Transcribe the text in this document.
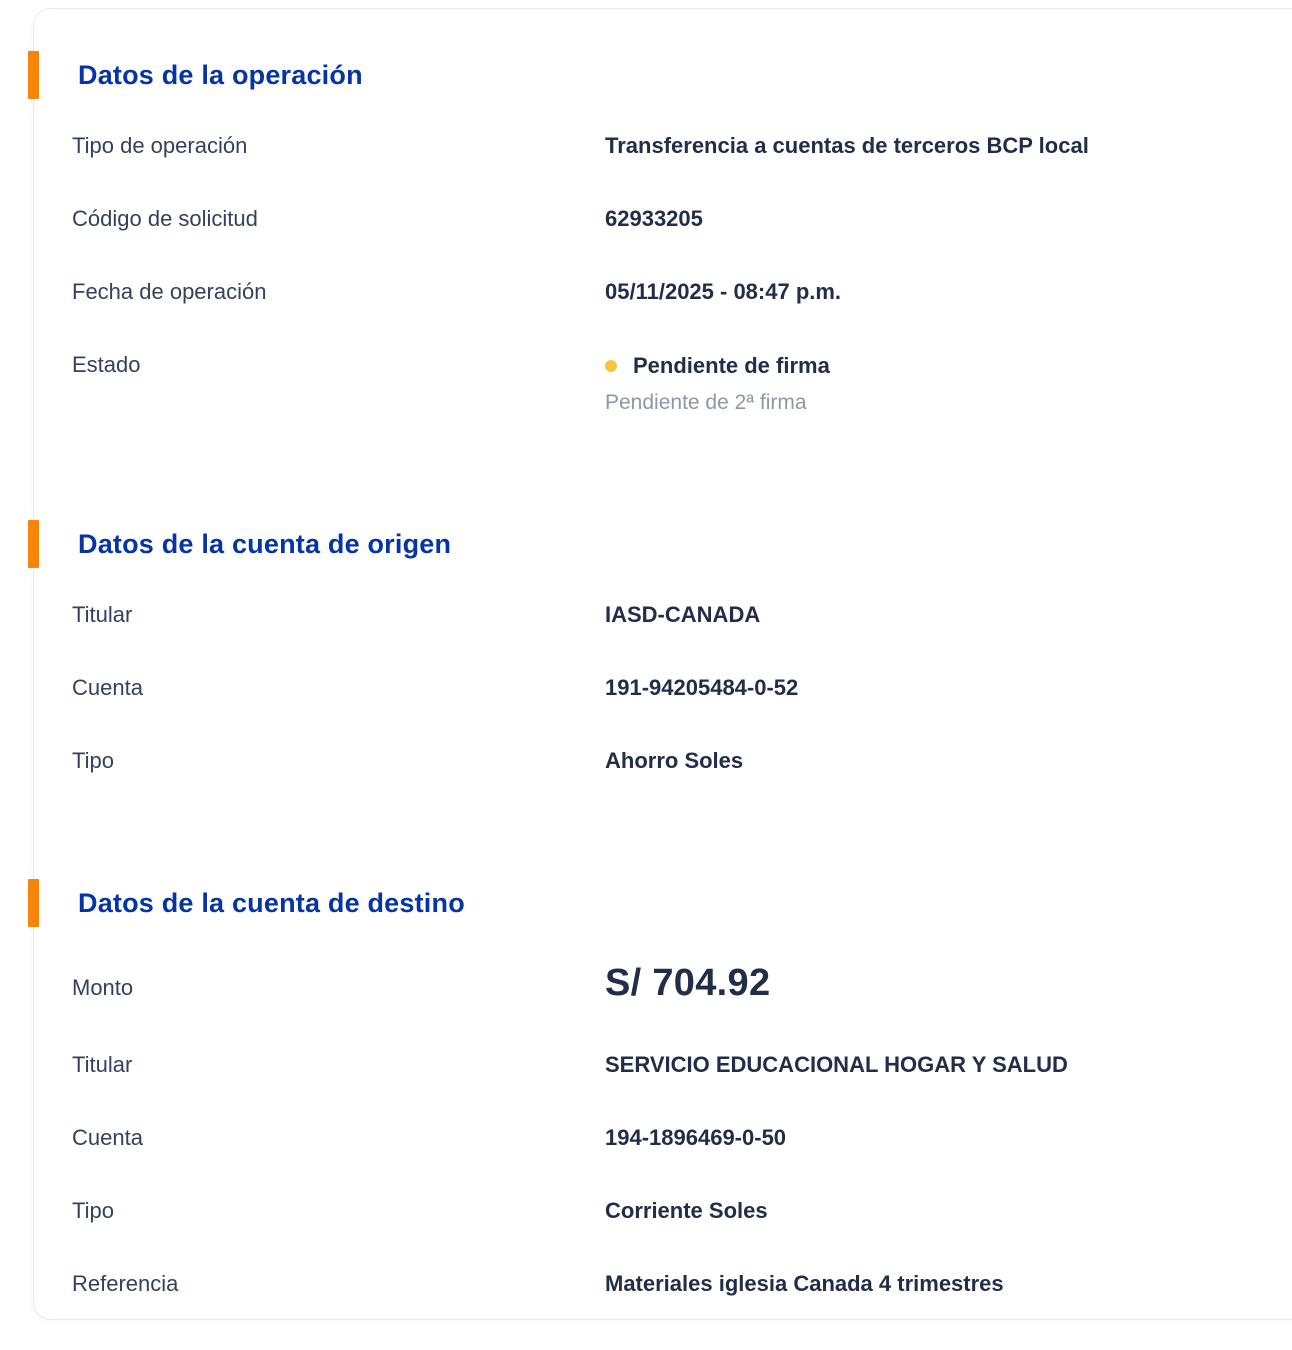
Datos de la operación
Tipo de operación	Transferencia a cuentas de terceros BCP local
Código de solicitud	62933205
Fecha de operación	05/11/2025 - 08:47 p.m.
Estado	Pendiente de firma
Pendiente de 2ª firma
Datos de la cuenta de origen
Titular	IASD-CANADA
Cuenta	191-94205484-0-52
Tipo	Ahorro Soles
Datos de la cuenta de destino
Monto	S/ 704.92
Titular	SERVICIO EDUCACIONAL HOGAR Y SALUD
Cuenta	194-1896469-0-50
Tipo	Corriente Soles
Referencia	Materiales iglesia Canada 4 trimestres
